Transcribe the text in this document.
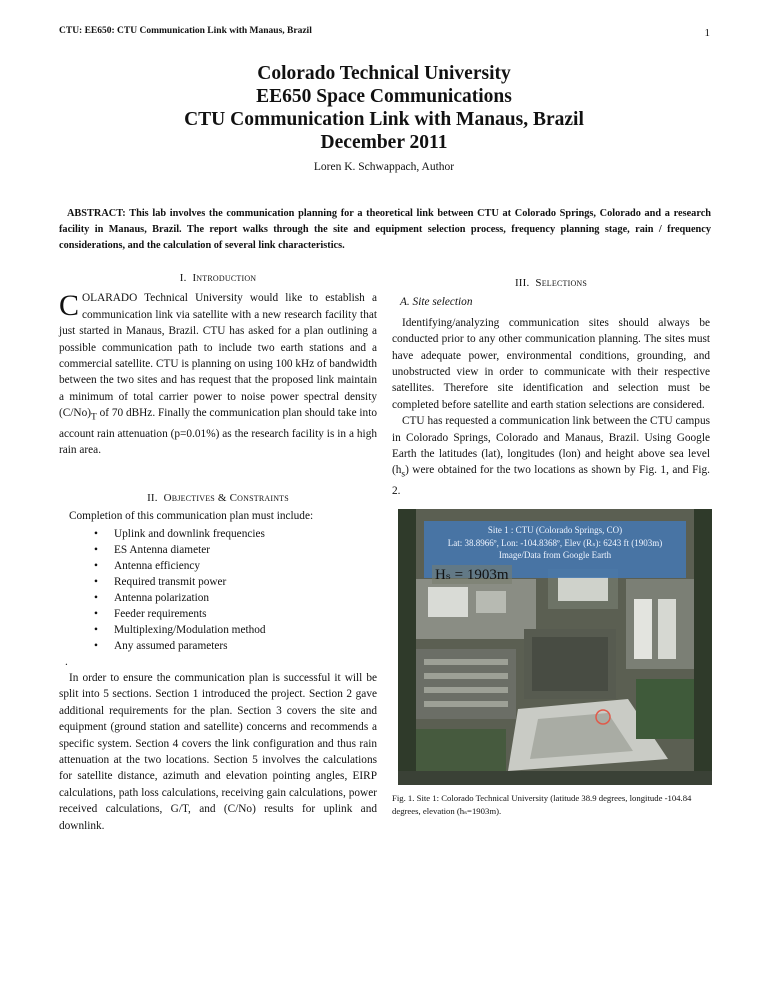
CTU: EE650: CTU Communication Link with Manaus, Brazil	1
Colorado Technical University
EE650 Space Communications
CTU Communication Link with Manaus, Brazil
December 2011
Loren K. Schwappach, Author
ABSTRACT: This lab involves the communication planning for a theoretical link between CTU at Colorado Springs, Colorado and a research facility in Manaus, Brazil. The report walks through the site and equipment selection process, frequency planning stage, rain / frequency considerations, and the calculation of several link characteristics.
I. Introduction

COLARADO Technical University would like to establish a communication link via satellite with a new research facility that just started in Manaus, Brazil. CTU has asked for a plan outlining a possible communication path to include two earth stations and a commercial satellite. CTU is planning on using 100 kHz of bandwidth between the two sites and has request that the proposed link maintain a minimum of total carrier power to noise power spectral density $(C/No)_T$ of 70 dBHz. Finally the communication plan should take into account rain attenuation (p=0.01%) as the research facility is in a high rain area.

II. Objectives & Constraints

Completion of this communication plan must include:

• Uplink and downlink frequencies
• ES Antenna diameter
• Antenna efficiency
• Required transmit power
• Antenna polarization
• Feeder requirements
• Multiplexing/Modulation method
• Any assumed parameters

.

In order to ensure the communication plan is successful it will be split into 5 sections. Section 1 introduced the project. Section 2 gave additional requirements for the plan. Section 3 covers the site and equipment (ground station and satellite) concerns and recommends a specific system. Section 4 covers the link configuration and thus rain attenuation at the two locations. Section 5 involves the calculations for satellite distance, azimuth and elevation pointing angles, EIRP calculations, path loss calculations, receiving gain calculations, power received calculations, G/T, and (C/No) results for uplink and downlink.

III. Selections
A. Site selection

Identifying/analyzing communication sites should always be conducted prior to any other communication planning. The sites must have adequate power, environmental conditions, grounding, and unobstructed view in order to communicate with their respective satellites. Therefore site identification and selection must be completed before satellite and earth station selections are considered.

CTU has requested a communication link between the CTU campus in Colorado Springs, Colorado and Manaus, Brazil. Using Google Earth the latitudes (lat), longitudes (lon) and height above sea level $(h_s)$ were obtained for the two locations as shown by Fig. 1, and Fig. 2.

Site 1 : CTU (Colorado Springs, CO)
Lat: 38.8966º, Lon: -104.8368º, Elev (Rₛ): 6243 ft (1903m)
Image/Data from Google Earth
Hₛ = 1903m
Fig. 1. Site 1: Colorado Technical University (latitude 38.9 degrees, longitude -104.84 degrees, elevation (hₛ=1903m).
